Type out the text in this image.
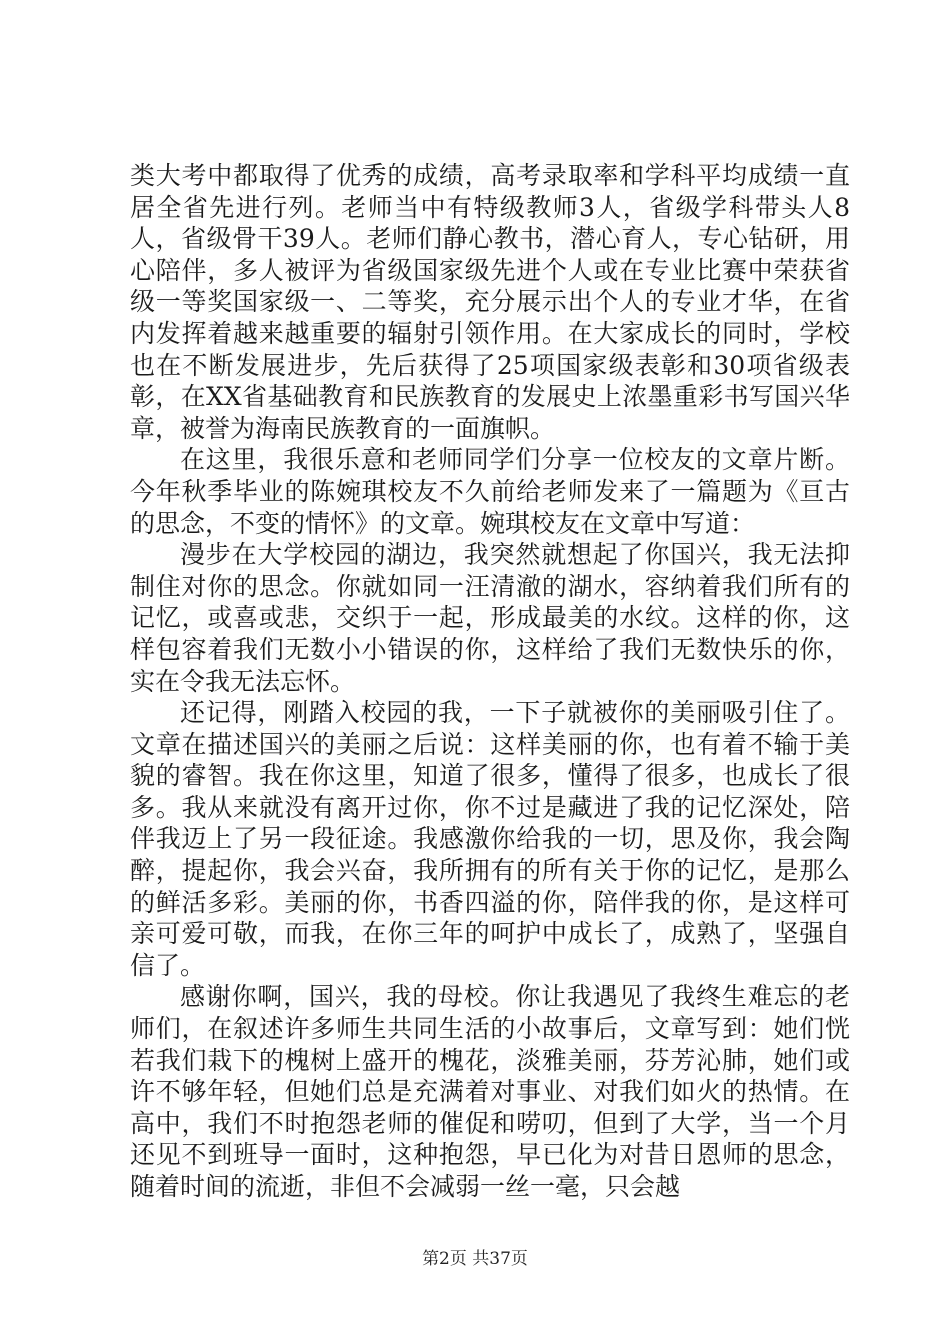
类大考中都取得了优秀的成绩，高考录取率和学科平均成绩一直居全省先进行列。老师当中有特级教师3人，省级学科带头人8人，省级骨干39人。老师们静心教书，潜心育人，专心钻研，用心陪伴，多人被评为省级国家级先进个人或在专业比赛中荣获省级一等奖国家级一、二等奖，充分展示出个人的专业才华，在省内发挥着越来越重要的辐射引领作用。在大家成长的同时，学校也在不断发展进步，先后获得了25项国家级表彰和30项省级表彰，在XX省基础教育和民族教育的发展史上浓墨重彩书写国兴华章，被誉为海南民族教育的一面旗帜。

在这里，我很乐意和老师同学们分享一位校友的文章片断。今年秋季毕业的陈婉琪校友不久前给老师发来了一篇题为《亘古的思念，不变的情怀》的文章。婉琪校友在文章中写道：

漫步在大学校园的湖边，我突然就想起了你国兴，我无法抑制住对你的思念。你就如同一汪清澈的湖水，容纳着我们所有的记忆，或喜或悲，交织于一起，形成最美的水纹。这样的你，这样包容着我们无数小小错误的你，这样给了我们无数快乐的你，实在令我无法忘怀。

还记得，刚踏入校园的我，一下子就被你的美丽吸引住了。文章在描述国兴的美丽之后说：这样美丽的你，也有着不输于美貌的睿智。我在你这里，知道了很多，懂得了很多，也成长了很多。我从来就没有离开过你，你不过是藏进了我的记忆深处，陪伴我迈上了另一段征途。我感激你给我的一切，思及你，我会陶醉，提起你，我会兴奋，我所拥有的所有关于你的记忆，是那么的鲜活多彩。美丽的你，书香四溢的你，陪伴我的你，是这样可亲可爱可敬，而我，在你三年的呵护中成长了，成熟了，坚强自信了。

感谢你啊，国兴，我的母校。你让我遇见了我终生难忘的老师们，在叙述许多师生共同生活的小故事后，文章写到：她们恍若我们栽下的槐树上盛开的槐花，淡雅美丽，芬芳沁肺，她们或许不够年轻，但她们总是充满着对事业、对我们如火的热情。在高中，我们不时抱怨老师的催促和唠叨，但到了大学，当一个月还见不到班导一面时，这种抱怨，早已化为对昔日恩师的思念，随着时间的流逝，非但不会减弱一丝一毫，只会越

第2页 共37页
